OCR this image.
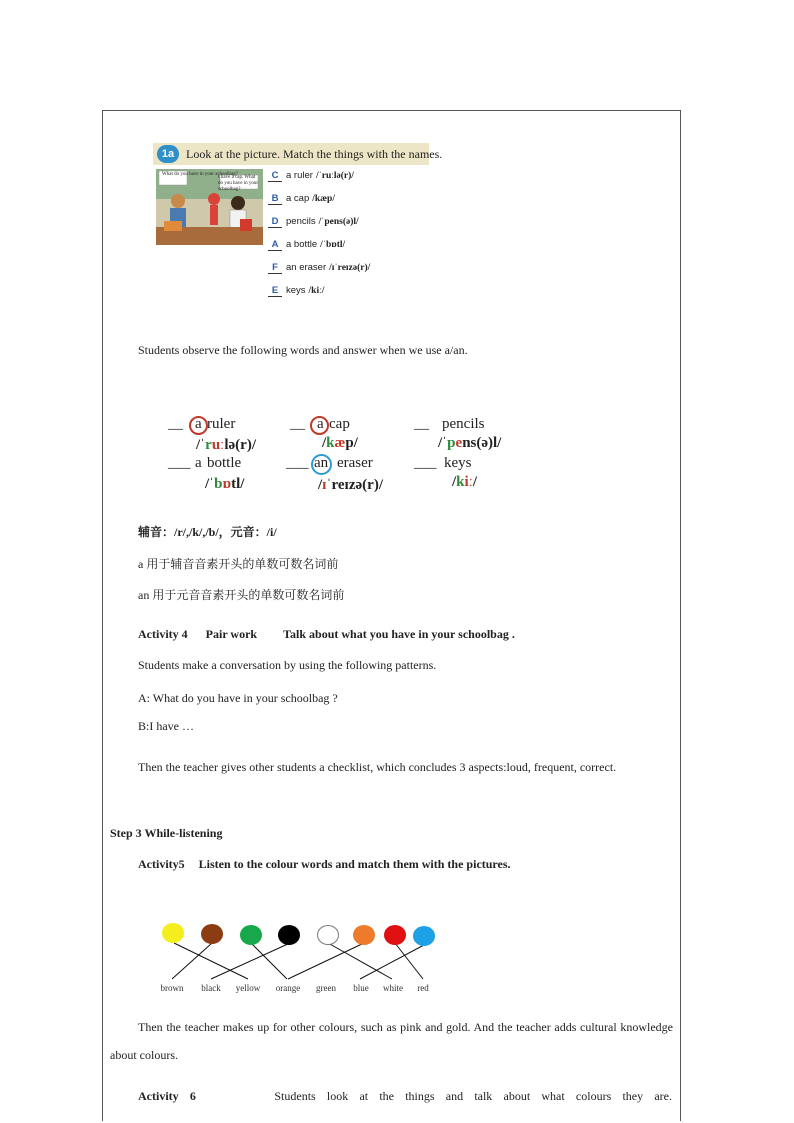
1a Look at the picture. Match the things with the names.
What do you have in your schoolbag?
I have a cap. What do you have in your schoolbag?
C a ruler /ˈruːlə(r)/
B a cap /kæp/
D pencils /ˈpens(ə)l/
A a bottle /ˈbɒtl/
F an eraser /ɪˈreɪzə(r)/
E keys /kiː/
Students observe the following words and answer when we use a/an.
__ a ruler
/ˈruːlə(r)/
__ a cap
/kæp/
__ pencils
/ˈpens(ə)l/
___ a bottle
/ˈbɒtl/
___ an eraser
/ɪˈreɪzə(r)/
___ keys
/kiː/
辅音：/r/,/k/,/b/，元音：/i/
a 用于辅音音素开头的单数可数名词前
an 用于元音音素开头的单数可数名词前
Activity 4 Pair work Talk about what you have in your schoolbag .
Students make a conversation by using the following patterns.
A: What do you have in your schoolbag ?
B:I have …
Then the teacher gives other students a checklist, which concludes 3 aspects:loud, frequent, correct.
Step 3 While-listening
Activity5 Listen to the colour words and match them with the pictures.
brown black yellow orange green blue white red
Then the teacher makes up for other colours, such as pink and gold. And the teacher adds cultural knowledge about colours.
Activity 6	Students look at the things and talk about what colours they are.
